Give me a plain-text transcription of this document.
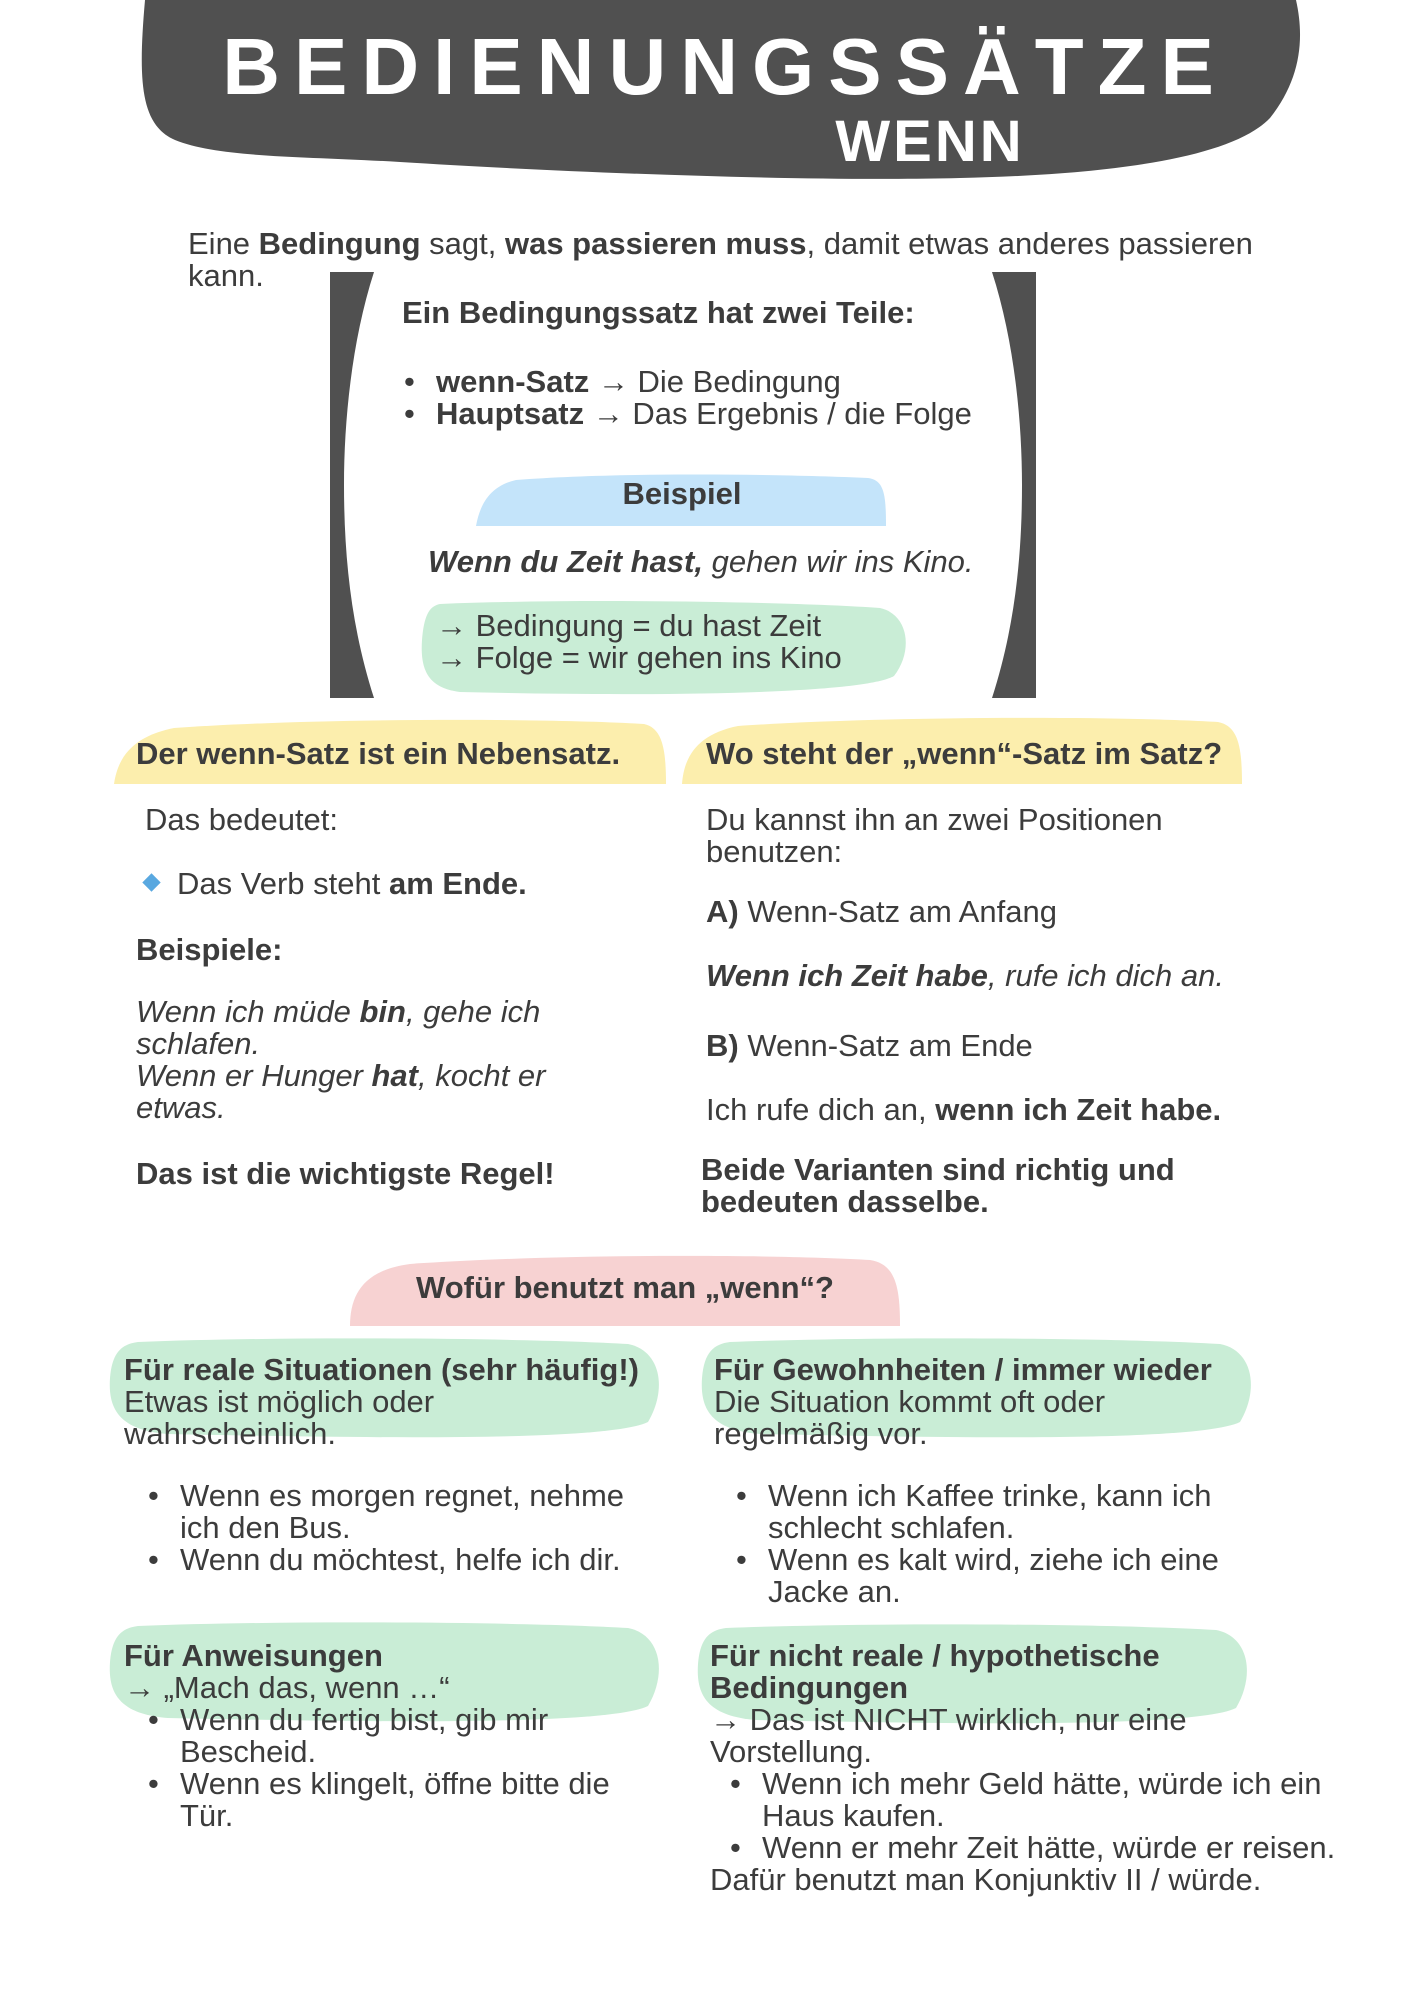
BEDIENUNGSSÄTZE
WENN
Eine Bedingung sagt, was passieren muss, damit etwas anderes passieren
kann.
Ein Bedingungssatz hat zwei Teile:
• wenn-Satz → Die Bedingung
• Hauptsatz → Das Ergebnis / die Folge
Beispiel
Wenn du Zeit hast, gehen wir ins Kino.
→ Bedingung = du hast Zeit
→ Folge = wir gehen ins Kino
Der wenn-Satz ist ein Nebensatz.
Das bedeutet:
Das Verb steht am Ende.
Beispiele:
Wenn ich müde bin, gehe ich
schlafen.
Wenn er Hunger hat, kocht er
etwas.
Das ist die wichtigste Regel!
Wo steht der „wenn“-Satz im Satz?
Du kannst ihn an zwei Positionen
benutzen:
A) Wenn-Satz am Anfang
Wenn ich Zeit habe, rufe ich dich an.
B) Wenn-Satz am Ende
Ich rufe dich an, wenn ich Zeit habe.
Beide Varianten sind richtig und
bedeuten dasselbe.
Wofür benutzt man „wenn“?
Für reale Situationen (sehr häufig!)
Etwas ist möglich oder
wahrscheinlich.
• Wenn es morgen regnet, nehme
ich den Bus.
• Wenn du möchtest, helfe ich dir.
Für Gewohnheiten / immer wieder
Die Situation kommt oft oder
regelmäßig vor.
• Wenn ich Kaffee trinke, kann ich
schlecht schlafen.
• Wenn es kalt wird, ziehe ich eine
Jacke an.
Für Anweisungen
→ „Mach das, wenn …“
• Wenn du fertig bist, gib mir
Bescheid.
• Wenn es klingelt, öffne bitte die
Tür.
Für nicht reale / hypothetische
Bedingungen
→ Das ist NICHT wirklich, nur eine
Vorstellung.
• Wenn ich mehr Geld hätte, würde ich ein
Haus kaufen.
• Wenn er mehr Zeit hätte, würde er reisen.
Dafür benutzt man Konjunktiv II / würde.
